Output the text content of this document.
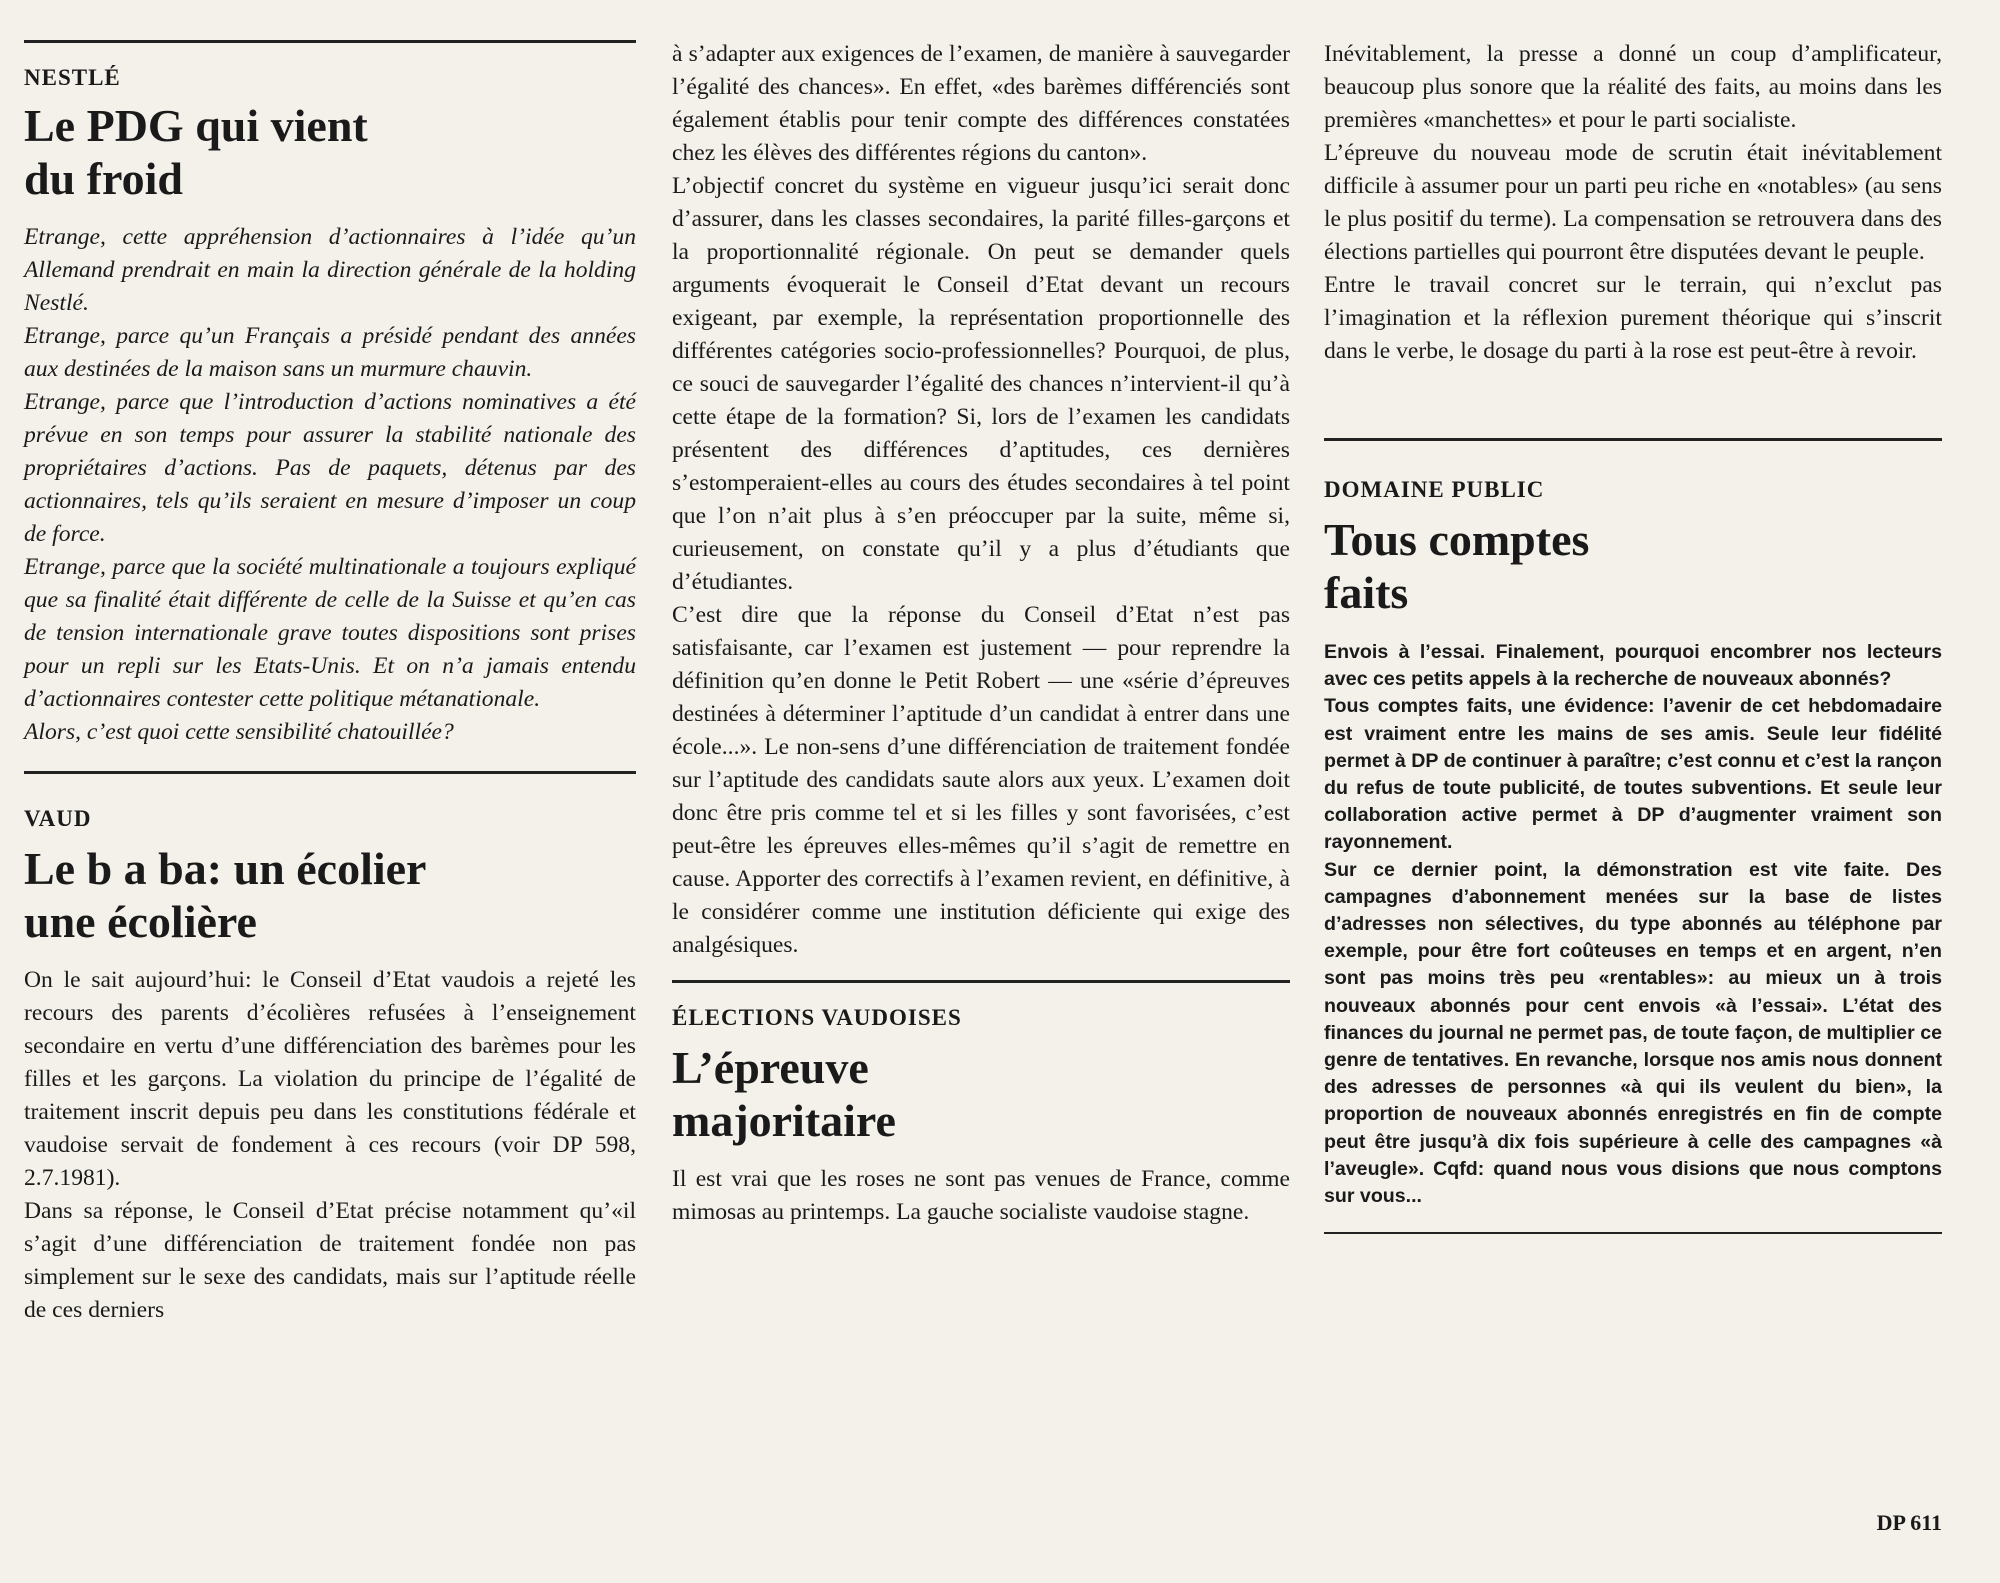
NESTLÉ

Le PDG qui vient
du froid

Etrange, cette appréhension d’actionnaires à l’idée qu’un Allemand prendrait en main la direction générale de la holding Nestlé.

Etrange, parce qu’un Français a présidé pendant des années aux destinées de la maison sans un murmure chauvin.

Etrange, parce que l’introduction d’actions nominatives a été prévue en son temps pour assurer la stabilité nationale des propriétaires d’actions. Pas de paquets, détenus par des actionnaires, tels qu’ils seraient en mesure d’imposer un coup de force.

Etrange, parce que la société multinationale a toujours expliqué que sa finalité était différente de celle de la Suisse et qu’en cas de tension internationale grave toutes dispositions sont prises pour un repli sur les Etats-Unis. Et on n’a jamais entendu d’actionnaires contester cette politique métanationale.

Alors, c’est quoi cette sensibilité chatouillée?

VAUD

Le b a ba: un écolier
une écolière

On le sait aujourd’hui: le Conseil d’Etat vaudois a rejeté les recours des parents d’écolières refusées à l’enseignement secondaire en vertu d’une différenciation des barèmes pour les filles et les garçons. La violation du principe de l’égalité de traitement inscrit depuis peu dans les constitutions fédérale et vaudoise servait de fondement à ces recours (voir DP 598, 2.7.1981).

Dans sa réponse, le Conseil d’Etat précise notamment qu’«il s’agit d’une différenciation de traitement fondée non pas simplement sur le sexe des candidats, mais sur l’aptitude réelle de ces derniers

à s’adapter aux exigences de l’examen, de manière à sauvegarder l’égalité des chances». En effet, «des barèmes différenciés sont également établis pour tenir compte des différences constatées chez les élèves des différentes régions du canton».

L’objectif concret du système en vigueur jusqu’ici serait donc d’assurer, dans les classes secondaires, la parité filles-garçons et la proportionnalité régionale. On peut se demander quels arguments évoquerait le Conseil d’Etat devant un recours exigeant, par exemple, la représentation proportionnelle des différentes catégories socio-professionnelles? Pourquoi, de plus, ce souci de sauvegarder l’égalité des chances n’intervient-il qu’à cette étape de la formation? Si, lors de l’examen les candidats présentent des différences d’aptitudes, ces dernières s’estomperaient-elles au cours des études secondaires à tel point que l’on n’ait plus à s’en préoccuper par la suite, même si, curieusement, on constate qu’il y a plus d’étudiants que d’étudiantes.

C’est dire que la réponse du Conseil d’Etat n’est pas satisfaisante, car l’examen est justement — pour reprendre la définition qu’en donne le Petit Robert — une «série d’épreuves destinées à déterminer l’aptitude d’un candidat à entrer dans une école...». Le non-sens d’une différenciation de traitement fondée sur l’aptitude des candidats saute alors aux yeux. L’examen doit donc être pris comme tel et si les filles y sont favorisées, c’est peut-être les épreuves elles-mêmes qu’il s’agit de remettre en cause. Apporter des correctifs à l’examen revient, en définitive, à le considérer comme une institution déficiente qui exige des analgésiques.

ÉLECTIONS VAUDOISES

L’épreuve
majoritaire

Il est vrai que les roses ne sont pas venues de France, comme mimosas au printemps. La gauche socialiste vaudoise stagne.

Inévitablement, la presse a donné un coup d’amplificateur, beaucoup plus sonore que la réalité des faits, au moins dans les premières «manchettes» et pour le parti socialiste.

L’épreuve du nouveau mode de scrutin était inévitablement difficile à assumer pour un parti peu riche en «notables» (au sens le plus positif du terme). La compensation se retrouvera dans des élections partielles qui pourront être disputées devant le peuple.

Entre le travail concret sur le terrain, qui n’exclut pas l’imagination et la réflexion purement théorique qui s’inscrit dans le verbe, le dosage du parti à la rose est peut-être à revoir.

DOMAINE PUBLIC

Tous comptes
faits

Envois à l’essai. Finalement, pourquoi encombrer nos lecteurs avec ces petits appels à la recherche de nouveaux abonnés?

Tous comptes faits, une évidence: l’avenir de cet hebdomadaire est vraiment entre les mains de ses amis. Seule leur fidélité permet à DP de continuer à paraître; c’est connu et c’est la rançon du refus de toute publicité, de toutes subventions. Et seule leur collaboration active permet à DP d’augmenter vraiment son rayonnement.

Sur ce dernier point, la démonstration est vite faite. Des campagnes d’abonnement menées sur la base de listes d’adresses non sélectives, du type abonnés au téléphone par exemple, pour être fort coûteuses en temps et en argent, n’en sont pas moins très peu «rentables»: au mieux un à trois nouveaux abonnés pour cent envois «à l’essai». L’état des finances du journal ne permet pas, de toute façon, de multiplier ce genre de tentatives. En revanche, lorsque nos amis nous donnent des adresses de personnes «à qui ils veulent du bien», la proportion de nouveaux abonnés enregistrés en fin de compte peut être jusqu’à dix fois supérieure à celle des campagnes «à l’aveugle». Cqfd: quand nous vous disions que nous comptons sur vous...

DP 611
